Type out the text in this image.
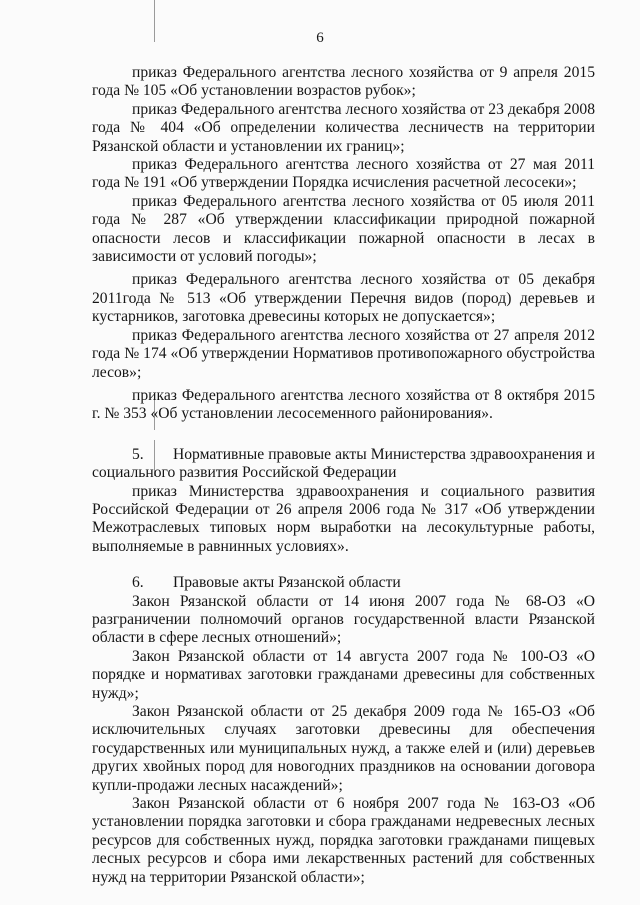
6

приказ Федерального агентства лесного хозяйства от 9 апреля 2015 года № 105 «Об установлении возрастов рубок»;

приказ Федерального агентства лесного хозяйства от 23 декабря 2008 года № 404 «Об определении количества лесничеств на территории Рязанской области и установлении их границ»;

приказ Федерального агентства лесного хозяйства от 27 мая 2011 года № 191 «Об утверждении Порядка исчисления расчетной лесосеки»;

приказ Федерального агентства лесного хозяйства от 05 июля 2011 года № 287 «Об утверждении классификации природной пожарной опасности лесов и классификации пожарной опасности в лесах в зависимости от условий погоды»;

приказ Федерального агентства лесного хозяйства от 05 декабря 2011года № 513 «Об утверждении Перечня видов (пород) деревьев и кустарников, заготовка древесины которых не допускается»;

приказ Федерального агентства лесного хозяйства от 27 апреля 2012 года № 174 «Об утверждении Нормативов противопожарного обустройства лесов»;

приказ Федерального агентства лесного хозяйства от 8 октября 2015 г. № 353 «Об установлении лесосеменного районирования».

5. Нормативные правовые акты Министерства здравоохранения и социального развития Российской Федерации

приказ Министерства здравоохранения и социального развития Российской Федерации от 26 апреля 2006 года № 317 «Об утверждении Межотраслевых типовых норм выработки на лесокультурные работы, выполняемые в равнинных условиях».

6. Правовые акты Рязанской области

Закон Рязанской области от 14 июня 2007 года № 68-ОЗ «О разграничении полномочий органов государственной власти Рязанской области в сфере лесных отношений»;

Закон Рязанской области от 14 августа 2007 года № 100-ОЗ «О порядке и нормативах заготовки гражданами древесины для собственных нужд»;

Закон Рязанской области от 25 декабря 2009 года № 165-ОЗ «Об исключительных случаях заготовки древесины для обеспечения государственных или муниципальных нужд, а также елей и (или) деревьев других хвойных пород для новогодних праздников на основании договора купли-продажи лесных насаждений»;

Закон Рязанской области от 6 ноября 2007 года № 163-ОЗ «Об установлении порядка заготовки и сбора гражданами недревесных лесных ресурсов для собственных нужд, порядка заготовки гражданами пищевых лесных ресурсов и сбора ими лекарственных растений для собственных нужд на территории Рязанской области»;
